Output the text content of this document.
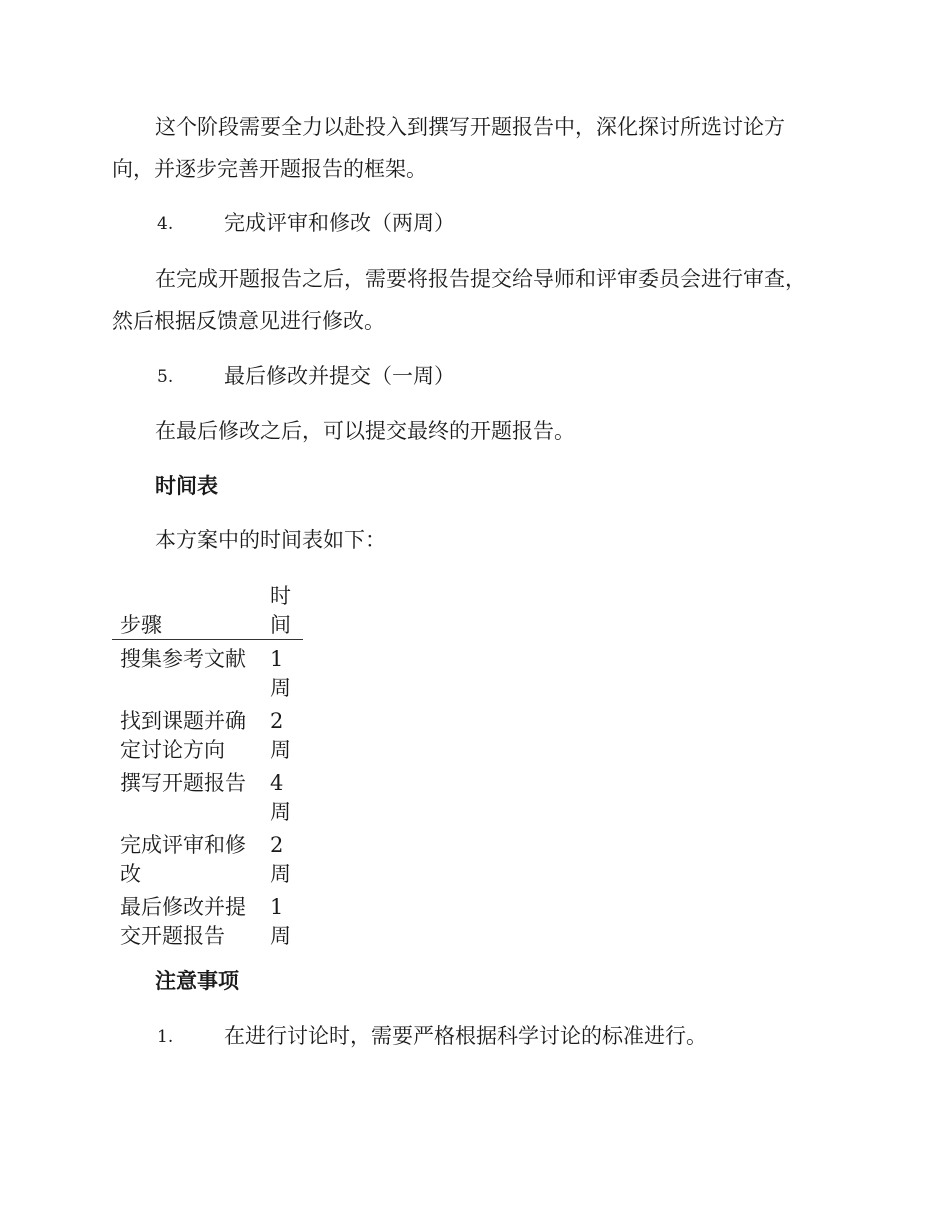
这个阶段需要全力以赴投入到撰写开题报告中，深化探讨所选讨论方
向，并逐步完善开题报告的框架。
4. 完成评审和修改（两周）
在完成开题报告之后，需要将报告提交给导师和评审委员会进行审查，
然后根据反馈意见进行修改。
5. 最后修改并提交（一周）
在最后修改之后，可以提交最终的开题报告。
时间表
本方案中的时间表如下：
步骤	时间
搜集参考文献	1周
找到课题并确定讨论方向	2周
撰写开题报告	4周
完成评审和修改	2周
最后修改并提交开题报告	1周
注意事项
1. 在进行讨论时，需要严格根据科学讨论的标准进行。
